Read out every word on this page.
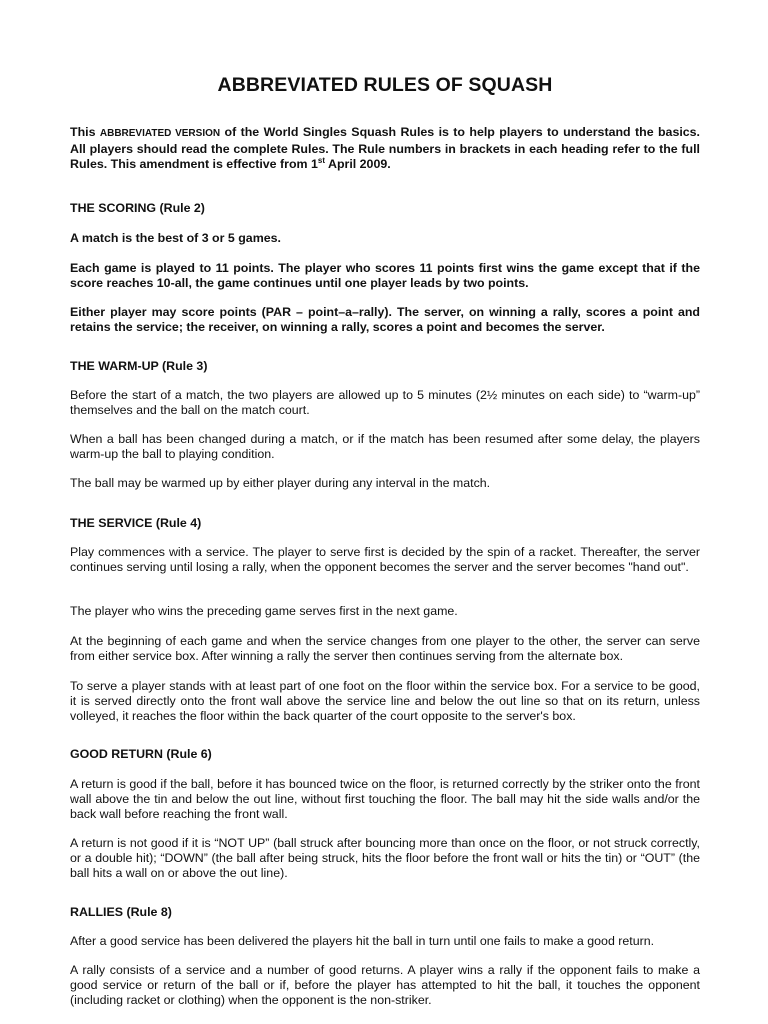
ABBREVIATED RULES OF SQUASH

This ABBREVIATED VERSION of the World Singles Squash Rules is to help players to understand the basics. All players should read the complete Rules. The Rule numbers in brackets in each heading refer to the full Rules. This amendment is effective from 1st April 2009.

THE SCORING (Rule 2)

A match is the best of 3 or 5 games.

Each game is played to 11 points. The player who scores 11 points first wins the game except that if the score reaches 10-all, the game continues until one player leads by two points.

Either player may score points (PAR – point–a–rally). The server, on winning a rally, scores a point and retains the service; the receiver, on winning a rally, scores a point and becomes the server.

THE WARM-UP (Rule 3)

Before the start of a match, the two players are allowed up to 5 minutes (2½ minutes on each side) to “warm-up” themselves and the ball on the match court.

When a ball has been changed during a match, or if the match has been resumed after some delay, the players warm-up the ball to playing condition.

The ball may be warmed up by either player during any interval in the match.

THE SERVICE (Rule 4)

Play commences with a service. The player to serve first is decided by the spin of a racket. Thereafter, the server continues serving until losing a rally, when the opponent becomes the server and the server becomes "hand out".

The player who wins the preceding game serves first in the next game.

At the beginning of each game and when the service changes from one player to the other, the server can serve from either service box. After winning a rally the server then continues serving from the alternate box.

To serve a player stands with at least part of one foot on the floor within the service box. For a service to be good, it is served directly onto the front wall above the service line and below the out line so that on its return, unless volleyed, it reaches the floor within the back quarter of the court opposite to the server's box.

GOOD RETURN (Rule 6)

A return is good if the ball, before it has bounced twice on the floor, is returned correctly by the striker onto the front wall above the tin and below the out line, without first touching the floor. The ball may hit the side walls and/or the back wall before reaching the front wall.

A return is not good if it is “NOT UP” (ball struck after bouncing more than once on the floor, or not struck correctly, or a double hit); “DOWN” (the ball after being struck, hits the floor before the front wall or hits the tin) or “OUT” (the ball hits a wall on or above the out line).

RALLIES (Rule 8)

After a good service has been delivered the players hit the ball in turn until one fails to make a good return.

A rally consists of a service and a number of good returns. A player wins a rally if the opponent fails to make a good service or return of the ball or if, before the player has attempted to hit the ball, it touches the opponent (including racket or clothing) when the opponent is the non-striker.
